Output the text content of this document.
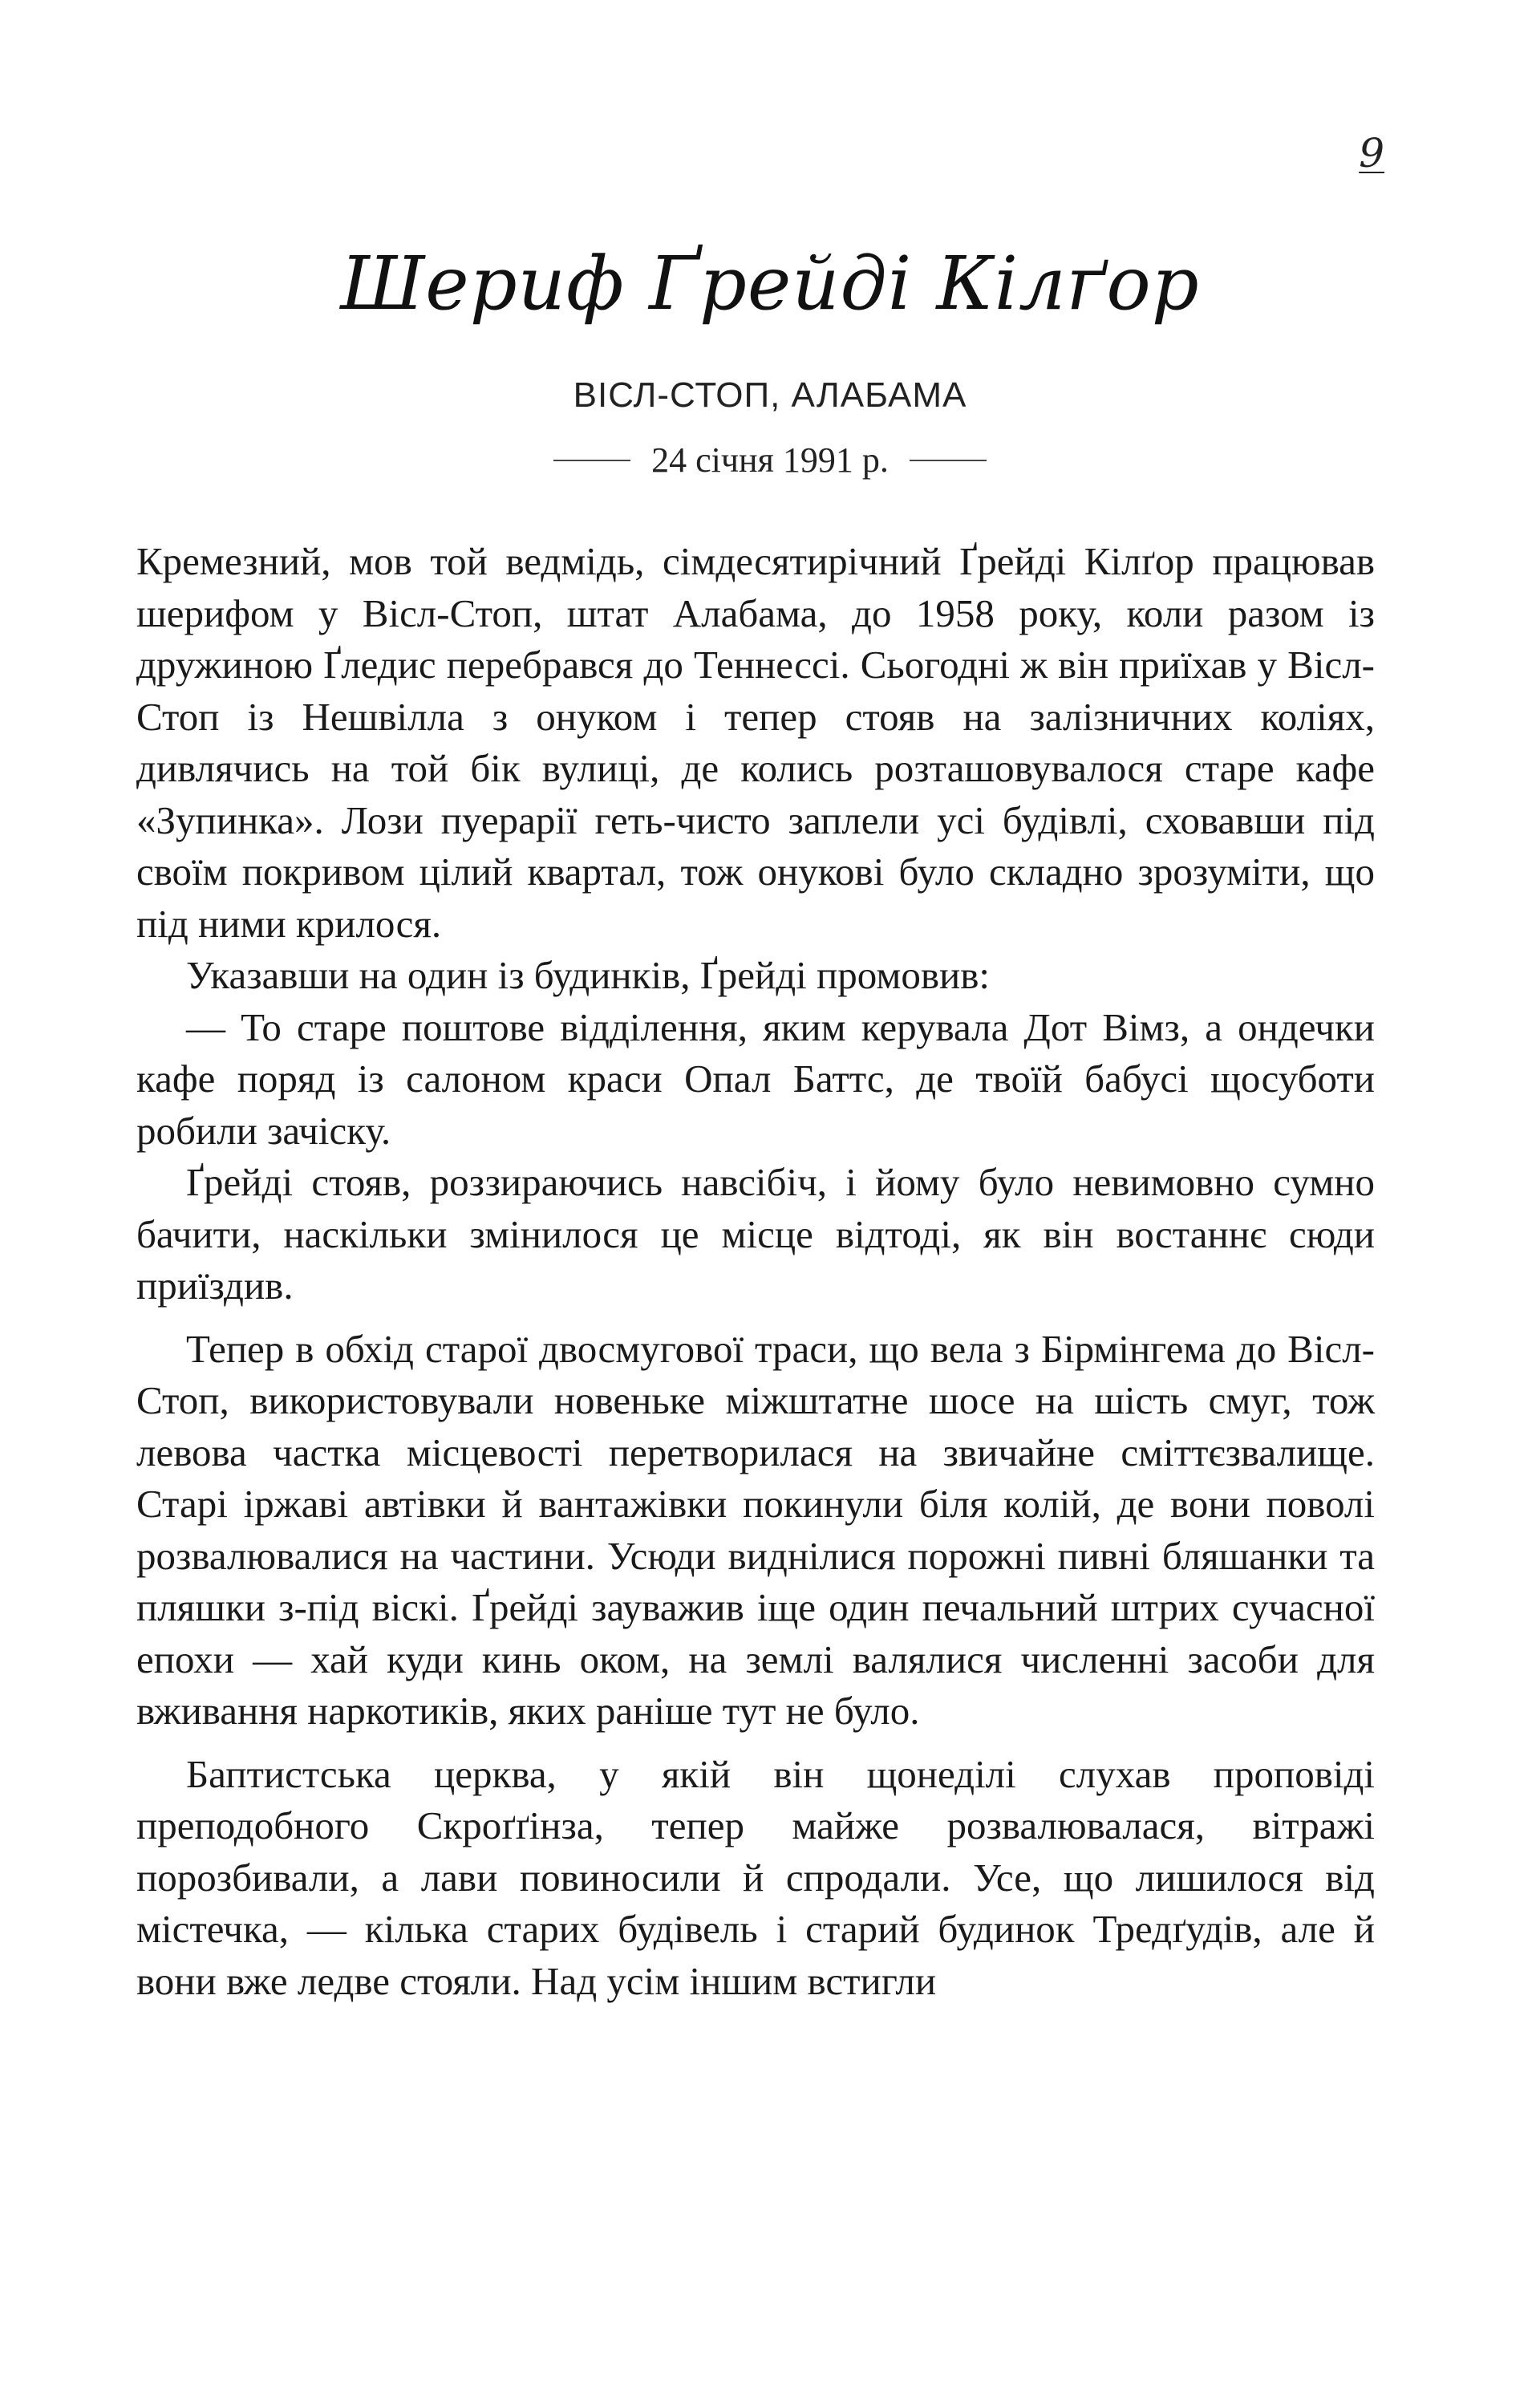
9
Шериф Ґрейді Кілґор
ВІСЛ-СТОП, АЛАБАМА
24 січня 1991 р.

Кремезний, мов той ведмідь, сімдесятирічний Ґрейді Кілґор працював шерифом у Вісл-Стоп, штат Алабама, до 1958 року, коли разом із дружиною Ґледис перебрався до Теннессі. Сьогодні ж він приїхав у Вісл-Стоп із Нешвілла з онуком і тепер стояв на залізничних коліях, дивлячись на той бік вулиці, де колись розташовувалося старе кафе «Зупинка». Лози пуерарії геть-чисто заплели усі будівлі, сховавши під своїм покривом цілий квартал, тож онукові було складно зрозуміти, що під ними крилося.

Указавши на один із будинків, Ґрейді промовив:

— То старе поштове відділення, яким керувала Дот Вімз, а ондечки кафе поряд із салоном краси Опал Баттс, де твоїй бабусі щосуботи робили зачіску.

Ґрейді стояв, роззираючись навсібіч, і йому було невимовно сумно бачити, наскільки змінилося це місце відтоді, як він востаннє сюди приїздив.

Тепер в обхід старої двосмугової траси, що вела з Бірмінгема до Вісл-Стоп, використовували новеньке міжштатне шосе на шість смуг, тож левова частка місцевості перетворилася на звичайне сміттєзвалище. Старі іржаві автівки й вантажівки покинули біля колій, де вони поволі розвалювалися на частини. Усюди виднілися порожні пивні бляшанки та пляшки з-під віскі. Ґрейді зауважив іще один печальний штрих сучасної епохи — хай куди кинь оком, на землі валялися численні засоби для вживання наркотиків, яких раніше тут не було.

Баптистська церква, у якій він щонеділі слухав проповіді преподобного Скроґґінза, тепер майже розвалювалася, вітражі порозбивали, а лави повиносили й спродали. Усе, що лишилося від містечка, — кілька старих будівель і старий будинок Тредґудів, але й вони вже ледве стояли. Над усім іншим встигли
